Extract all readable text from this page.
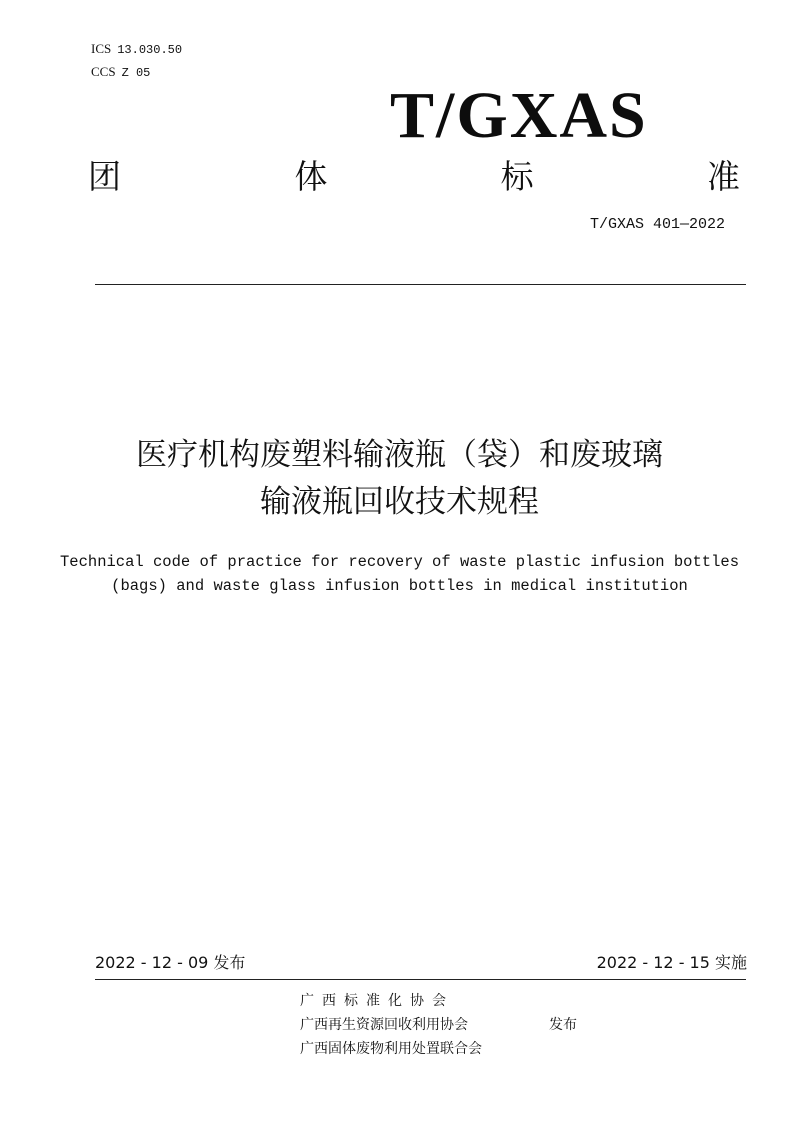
ICS 13.030.50
CCS Z 05
T/GXAS
团	体	标	准
T/GXAS 401—2022
医疗机构废塑料输液瓶（袋）和废玻璃
输液瓶回收技术规程
Technical code of practice for recovery of waste plastic infusion bottles
(bags) and waste glass infusion bottles in medical institution
2022 - 12 - 09 发布	2022 - 12 - 15 实施
广西标准化协会
广西再生资源回收利用协会
广西固体废物利用处置联合会
发布
